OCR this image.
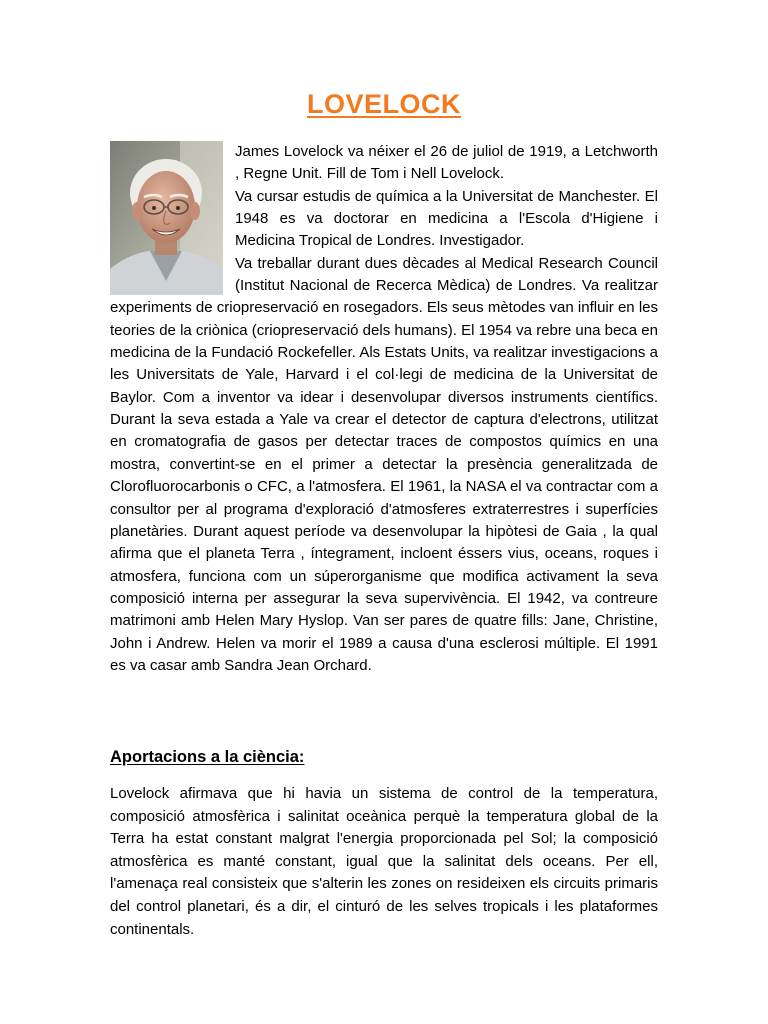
LOVELOCK

James Lovelock va néixer el 26 de juliol de 1919, a Letchworth , Regne Unit. Fill de Tom i Nell Lovelock.

Va cursar estudis de química a la Universitat de Manchester. El 1948 es va doctorar en medicina a l'Escola d'Higiene i Medicina Tropical de Londres. Investigador.

Va treballar durant dues dècades al Medical Research Council (Institut Nacional de Recerca Mèdica) de Londres. Va realitzar experiments de criopreservació en rosegadors. Els seus mètodes van influir en les teories de la criònica (criopreservació dels humans). El 1954 va rebre una beca en medicina de la Fundació Rockefeller. Als Estats Units, va realitzar investigacions a les Universitats de Yale, Harvard i el col·legi de medicina de la Universitat de Baylor. Com a inventor va idear i desenvolupar diversos instruments científics. Durant la seva estada a Yale va crear el detector de captura d'electrons, utilitzat en cromatografia de gasos per detectar traces de compostos químics en una mostra, convertint-se en el primer a detectar la presència generalitzada de Clorofluorocarbonis o CFC, a l'atmosfera. El 1961, la NASA el va contractar com a consultor per al programa d'exploració d'atmosferes extraterrestres i superfícies planetàries. Durant aquest període va desenvolupar la hipòtesi de Gaia , la qual afirma que el planeta Terra , íntegrament, incloent éssers vius, oceans, roques i atmosfera, funciona com un súperorganisme que modifica activament la seva composició interna per assegurar la seva supervivència. El 1942, va contreure matrimoni amb Helen Mary Hyslop. Van ser pares de quatre fills: Jane, Christine, John i Andrew. Helen va morir el 1989 a causa d'una esclerosi múltiple. El 1991 es va casar amb Sandra Jean Orchard.

Aportacions a la ciència:

Lovelock afirmava que hi havia un sistema de control de la temperatura, composició atmosfèrica i salinitat oceànica perquè la temperatura global de la Terra ha estat constant malgrat l'energia proporcionada pel Sol; la composició atmosfèrica es manté constant, igual que la salinitat dels oceans. Per ell, l'amenaça real consisteix que s'alterin les zones on resideixen els circuits primaris del control planetari, és a dir, el cinturó de les selves tropicals i les plataformes continentals.
